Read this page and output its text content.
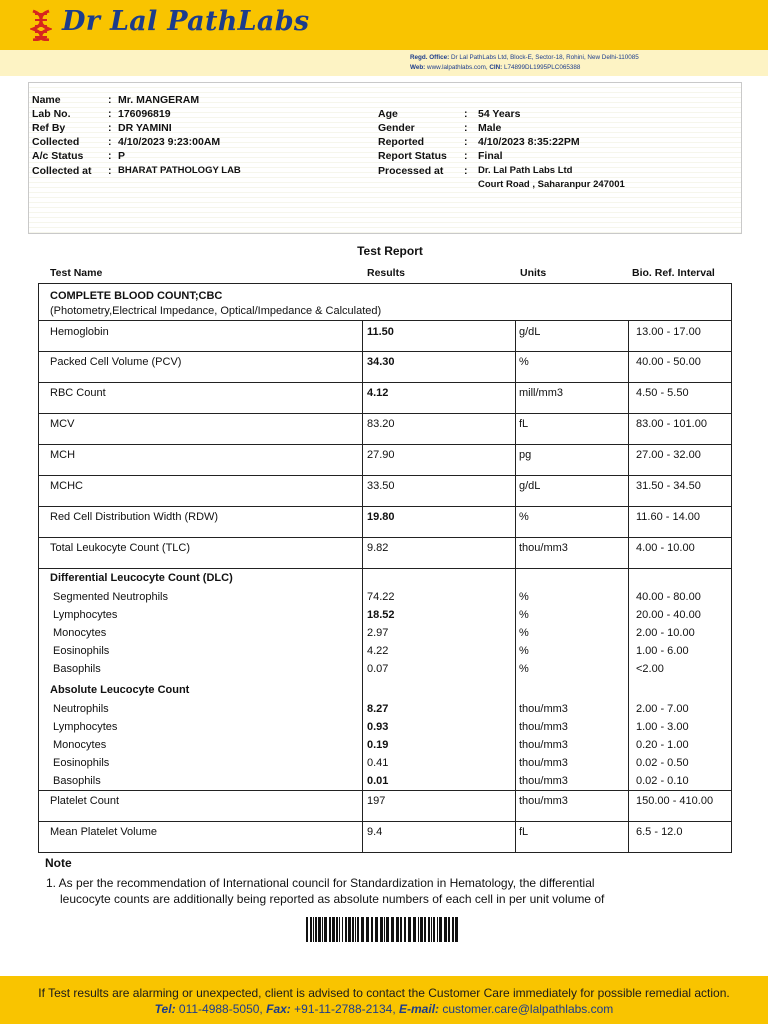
Dr Lal PathLabs
Regd. Office: Dr Lal PathLabs Ltd, Block-E, Sector-18, Rohini, New Delhi-110085
Web: www.lalpathlabs.com, CIN: L74899DL1995PLC065388
Name	: Mr. MANGERAM
Lab No.	: 176096819
Ref By	: DR YAMINI
Collected	: 4/10/2023 9:23:00AM
A/c Status	: P
Collected at	: BHARAT PATHOLOGY LAB
Age	:	54 Years
Gender	:	Male
Reported	:	4/10/2023 8:35:22PM
Report Status :	Final
Processed at :	Dr. Lal Path Labs Ltd
Court Road , Saharanpur 247001
Test Report
Test Name	Results	Units	Bio. Ref. Interval
COMPLETE BLOOD COUNT;CBC
(Photometry,Electrical Impedance, Optical/Impedance & Calculated)
Hemoglobin	11.50	g/dL	13.00 - 17.00
Packed Cell Volume (PCV)	34.30	%	40.00 - 50.00
RBC Count	4.12	mill/mm3	4.50 - 5.50
MCV	83.20	fL	83.00 - 101.00
MCH	27.90	pg	27.00 - 32.00
MCHC	33.50	g/dL	31.50 - 34.50
Red Cell Distribution Width (RDW)	19.80	%	11.60 - 14.00
Total Leukocyte Count (TLC)	9.82	thou/mm3	4.00 - 10.00
Differential Leucocyte Count (DLC)
Segmented Neutrophils	74.22	%	40.00 - 80.00
Lymphocytes	18.52	%	20.00 - 40.00
Monocytes	2.97	%	2.00 - 10.00
Eosinophils	4.22	%	1.00 - 6.00
Basophils	0.07	%	<2.00
Absolute Leucocyte Count
Neutrophils	8.27	thou/mm3	2.00 - 7.00
Lymphocytes	0.93	thou/mm3	1.00 - 3.00
Monocytes	0.19	thou/mm3	0.20 - 1.00
Eosinophils	0.41	thou/mm3	0.02 - 0.50
Basophils	0.01	thou/mm3	0.02 - 0.10
Platelet Count	197	thou/mm3	150.00 - 410.00
Mean Platelet Volume	9.4	fL	6.5 - 12.0
Note
1. As per the recommendation of International council for Standardization in Hematology, the differential
leucocyte counts are additionally being reported as absolute numbers of each cell in per unit volume of
If Test results are alarming or unexpected, client is advised to contact the Customer Care immediately for possible remedial action.
Tel: 011-4988-5050, Fax: +91-11-2788-2134, E-mail: customer.care@lalpathlabs.com
